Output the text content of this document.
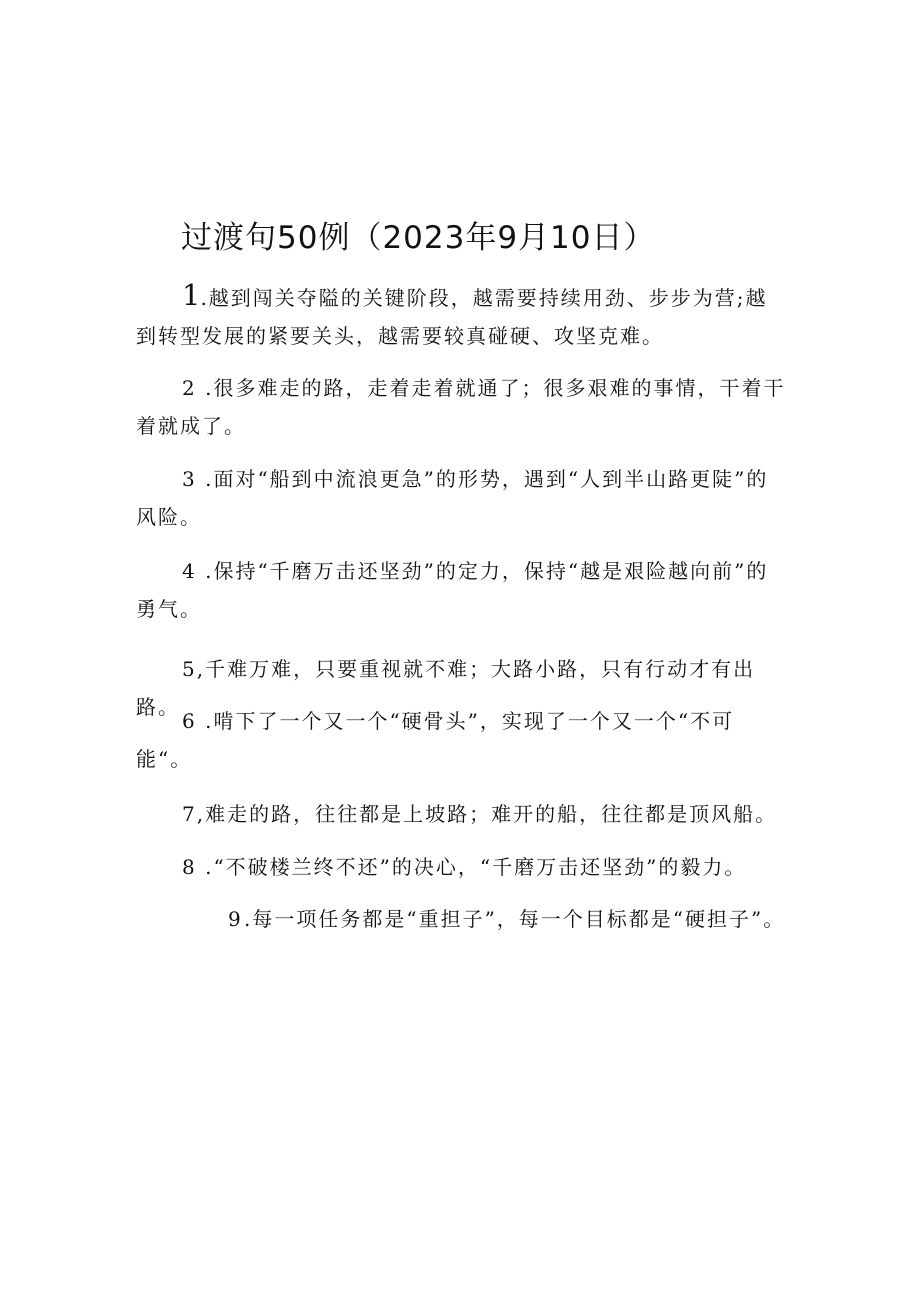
过渡句50例（2023年9月10日）
1.越到闯关夺隘的关键阶段，越需要持续用劲、步步为营;越到转型发展的紧要关头，越需要较真碰硬、攻坚克难。
2 .很多难走的路，走着走着就通了；很多艰难的事情，干着干着就成了。
3 .面对“船到中流浪更急”的形势，遇到“人到半山路更陡”的风险。
4 .保持“千磨万击还坚劲”的定力，保持“越是艰险越向前”的勇气。
5,千难万难，只要重视就不难；大路小路，只有行动才有出路。
6 .啃下了一个又一个“硬骨头”，实现了一个又一个“不可能“。
7,难走的路，往往都是上坡路；难开的船，往往都是顶风船。
8 .“不破楼兰终不还”的决心，“千磨万击还坚劲”的毅力。
9 .每一项任务都是“重担子”，每一个目标都是“硬担子”。
